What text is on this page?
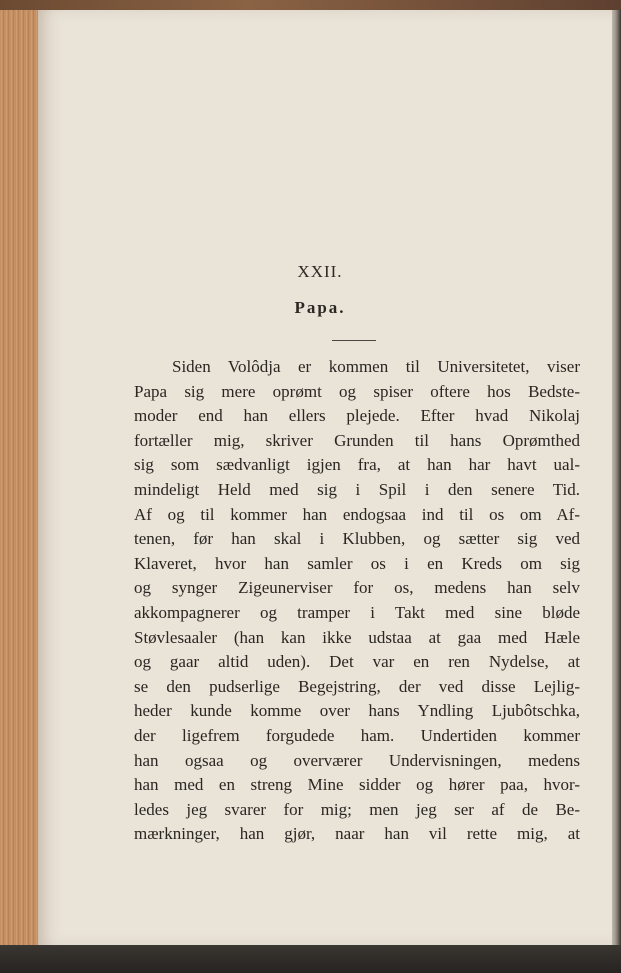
XXII.
Papa.
Siden Volôdja er kommen til Universitetet, viser
Papa sig mere oprømt og spiser oftere hos Bedste-
moder end han ellers plejede. Efter hvad Nikolaj
fortæller mig, skriver Grunden til hans Oprømthed
sig som sædvanligt igjen fra, at han har havt ual-
mindeligt Held med sig i Spil i den senere Tid.
Af og til kommer han endogsaa ind til os om Af-
tenen, før han skal i Klubben, og sætter sig ved
Klaveret, hvor han samler os i en Kreds om sig
og synger Zigeunerviser for os, medens han selv
akkompagnerer og tramper i Takt med sine bløde
Støvlesaaler (han kan ikke udstaa at gaa med Hæle
og gaar altid uden). Det var en ren Nydelse, at
se den pudserlige Begejstring, der ved disse Lejlig-
heder kunde komme over hans Yndling Ljubôtschka,
der ligefrem forgudede ham. Undertiden kommer
han ogsaa og overværer Undervisningen, medens
han med en streng Mine sidder og hører paa, hvor-
ledes jeg svarer for mig; men jeg ser af de Be-
mærkninger, han gjør, naar han vil rette mig, at
